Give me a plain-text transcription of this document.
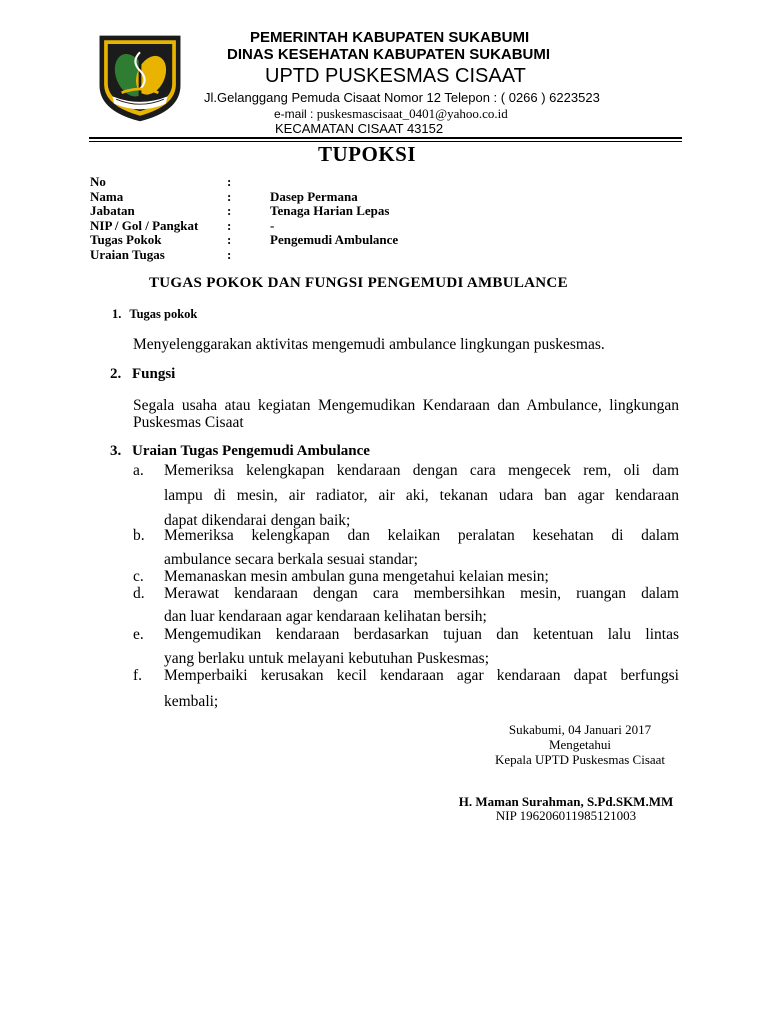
PEMERINTAH KABUPATEN SUKABUMI
DINAS KESEHATAN KABUPATEN SUKABUMI
UPTD PUSKESMAS CISAAT
Jl.Gelanggang Pemuda Cisaat Nomor 12 Telepon : ( 0266 ) 6223523
e-mail : puskesmascisaat_0401@yahoo.co.id
KECAMATAN CISAAT 43152
TUPOKSI
No	:
Nama	:	Dasep Permana
Jabatan	:	Tenaga Harian Lepas
NIP / Gol / Pangkat :	-
Tugas Pokok	:	Pengemudi Ambulance
Uraian Tugas	:
TUGAS POKOK DAN FUNGSI PENGEMUDI AMBULANCE
1. Tugas pokok
Menyelenggarakan aktivitas mengemudi ambulance lingkungan puskesmas.
2. Fungsi
Segala usaha atau kegiatan Mengemudikan Kendaraan dan Ambulance, lingkungan Puskesmas Cisaat
3. Uraian Tugas Pengemudi Ambulance
a. Memeriksa kelengkapan kendaraan dengan cara mengecek rem, oli dam
lampu di mesin, air radiator, air aki, tekanan udara ban agar kendaraan
dapat dikendarai dengan baik;
b. Memeriksa kelengkapan dan kelaikan peralatan kesehatan di dalam
ambulance secara berkala sesuai standar;
c. Memanaskan mesin ambulan guna mengetahui kelaian mesin;
d. Merawat kendaraan dengan cara membersihkan mesin, ruangan dalam
dan luar kendaraan agar kendaraan kelihatan bersih;
e. Mengemudikan kendaraan berdasarkan tujuan dan ketentuan lalu lintas
yang berlaku untuk melayani kebutuhan Puskesmas;
f. Memperbaiki kerusakan kecil kendaraan agar kendaraan dapat berfungsi
kembali;
Sukabumi, 04 Januari 2017
Mengetahui
Kepala UPTD Puskesmas Cisaat
H. Maman Surahman, S.Pd.SKM.MM
NIP 196206011985121003
